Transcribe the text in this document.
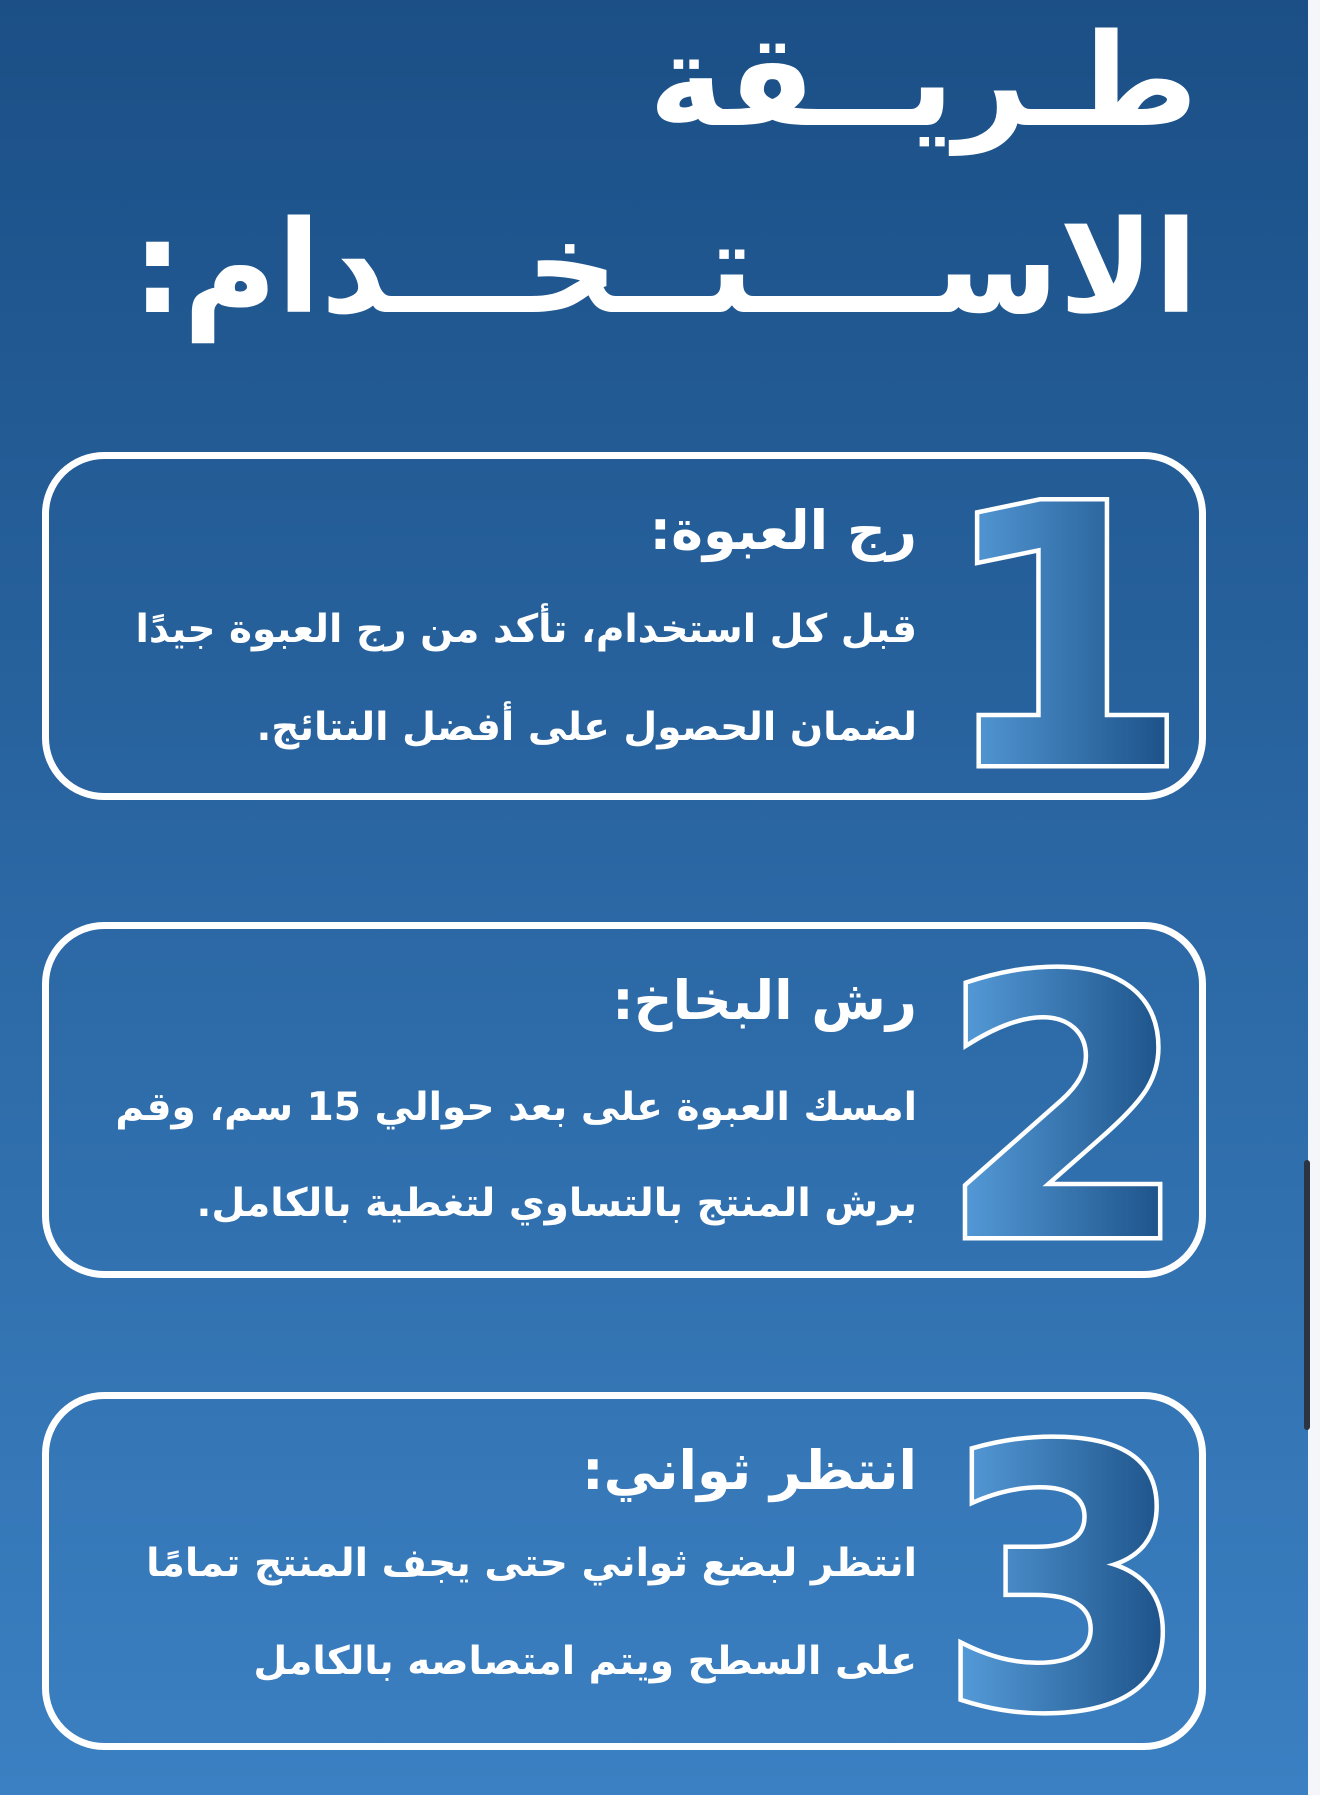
طـريــقة
الاســــتــخـــدام:
1

رج العبوة:

قبل كل استخدام، تأكد من رج العبوة جيدًا

لضمان الحصول على أفضل النتائج.

2

رش البخاخ:

امسك العبوة على بعد حوالي 15 سم، وقم

برش المنتج بالتساوي لتغطية بالكامل.

3

انتظر ثواني:

انتظر لبضع ثواني حتى يجف المنتج تمامًا

على السطح ويتم امتصاصه بالكامل
